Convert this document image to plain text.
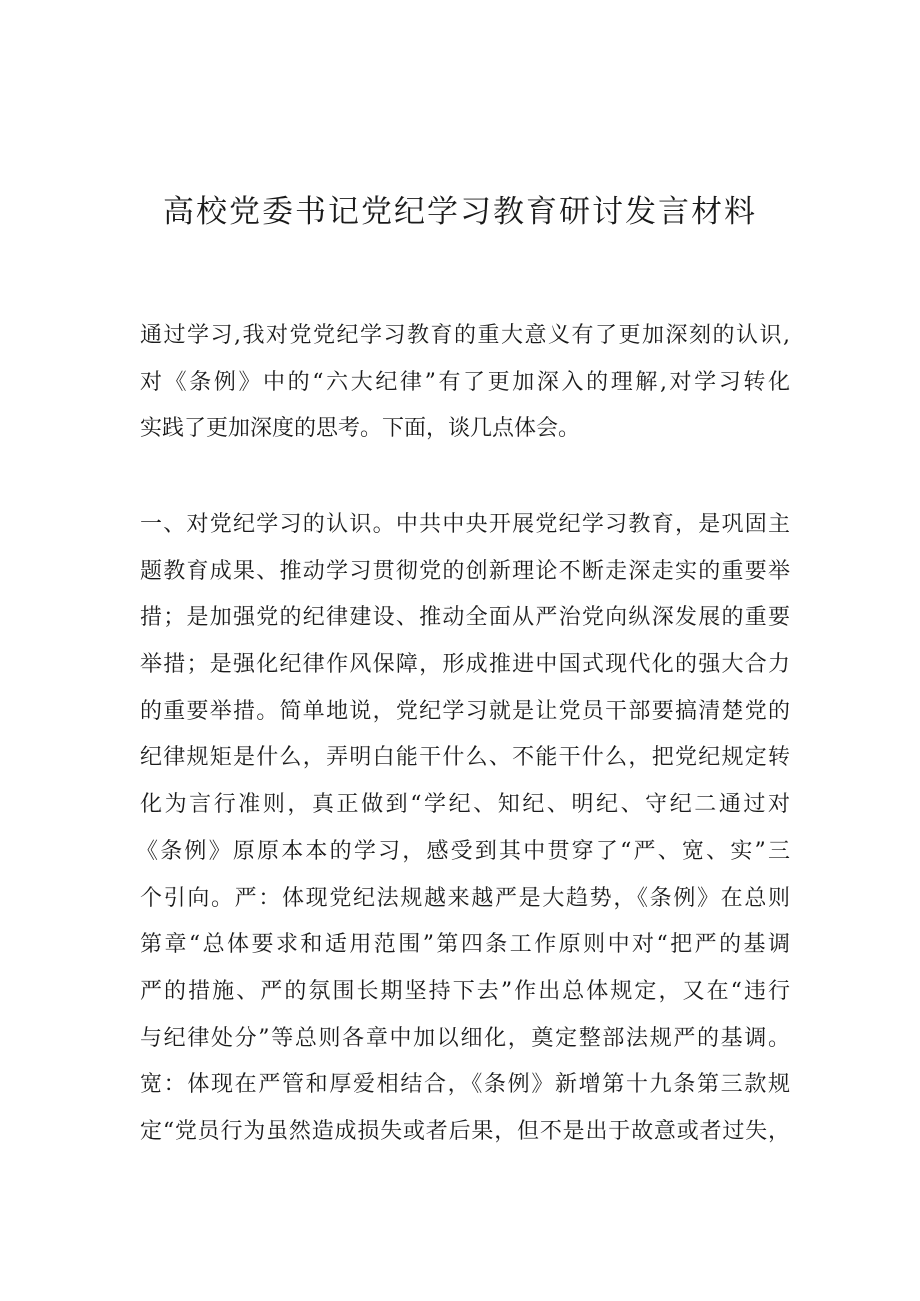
高校党委书记党纪学习教育研讨发言材料
通过学习,我对党党纪学习教育的重大意义有了更加深刻的认识,
对《条例》中的“六大纪律”有了更加深入的理解,对学习转化
实践了更加深度的思考。下面，谈几点体会。
一、对党纪学习的认识。中共中央开展党纪学习教育，是巩固主
题教育成果、推动学习贯彻党的创新理论不断走深走实的重要举
措；是加强党的纪律建设、推动全面从严治党向纵深发展的重要
举措；是强化纪律作风保障，形成推进中国式现代化的强大合力
的重要举措。简单地说，党纪学习就是让党员干部要搞清楚党的
纪律规矩是什么，弄明白能干什么、不能干什么，把党纪规定转
化为言行准则，真正做到“学纪、知纪、明纪、守纪二通过对
《条例》原原本本的学习，感受到其中贯穿了“严、宽、实”三
个引向。严：体现党纪法规越来越严是大趋势，《条例》在总则
第章“总体要求和适用范围”第四条工作原则中对“把严的基调
严的措施、严的氛围长期坚持下去”作出总体规定，又在“违行
与纪律处分”等总则各章中加以细化，奠定整部法规严的基调。
宽：体现在严管和厚爱相结合，《条例》新增第十九条第三款规
定“党员行为虽然造成损失或者后果，但不是出于故意或者过失，
